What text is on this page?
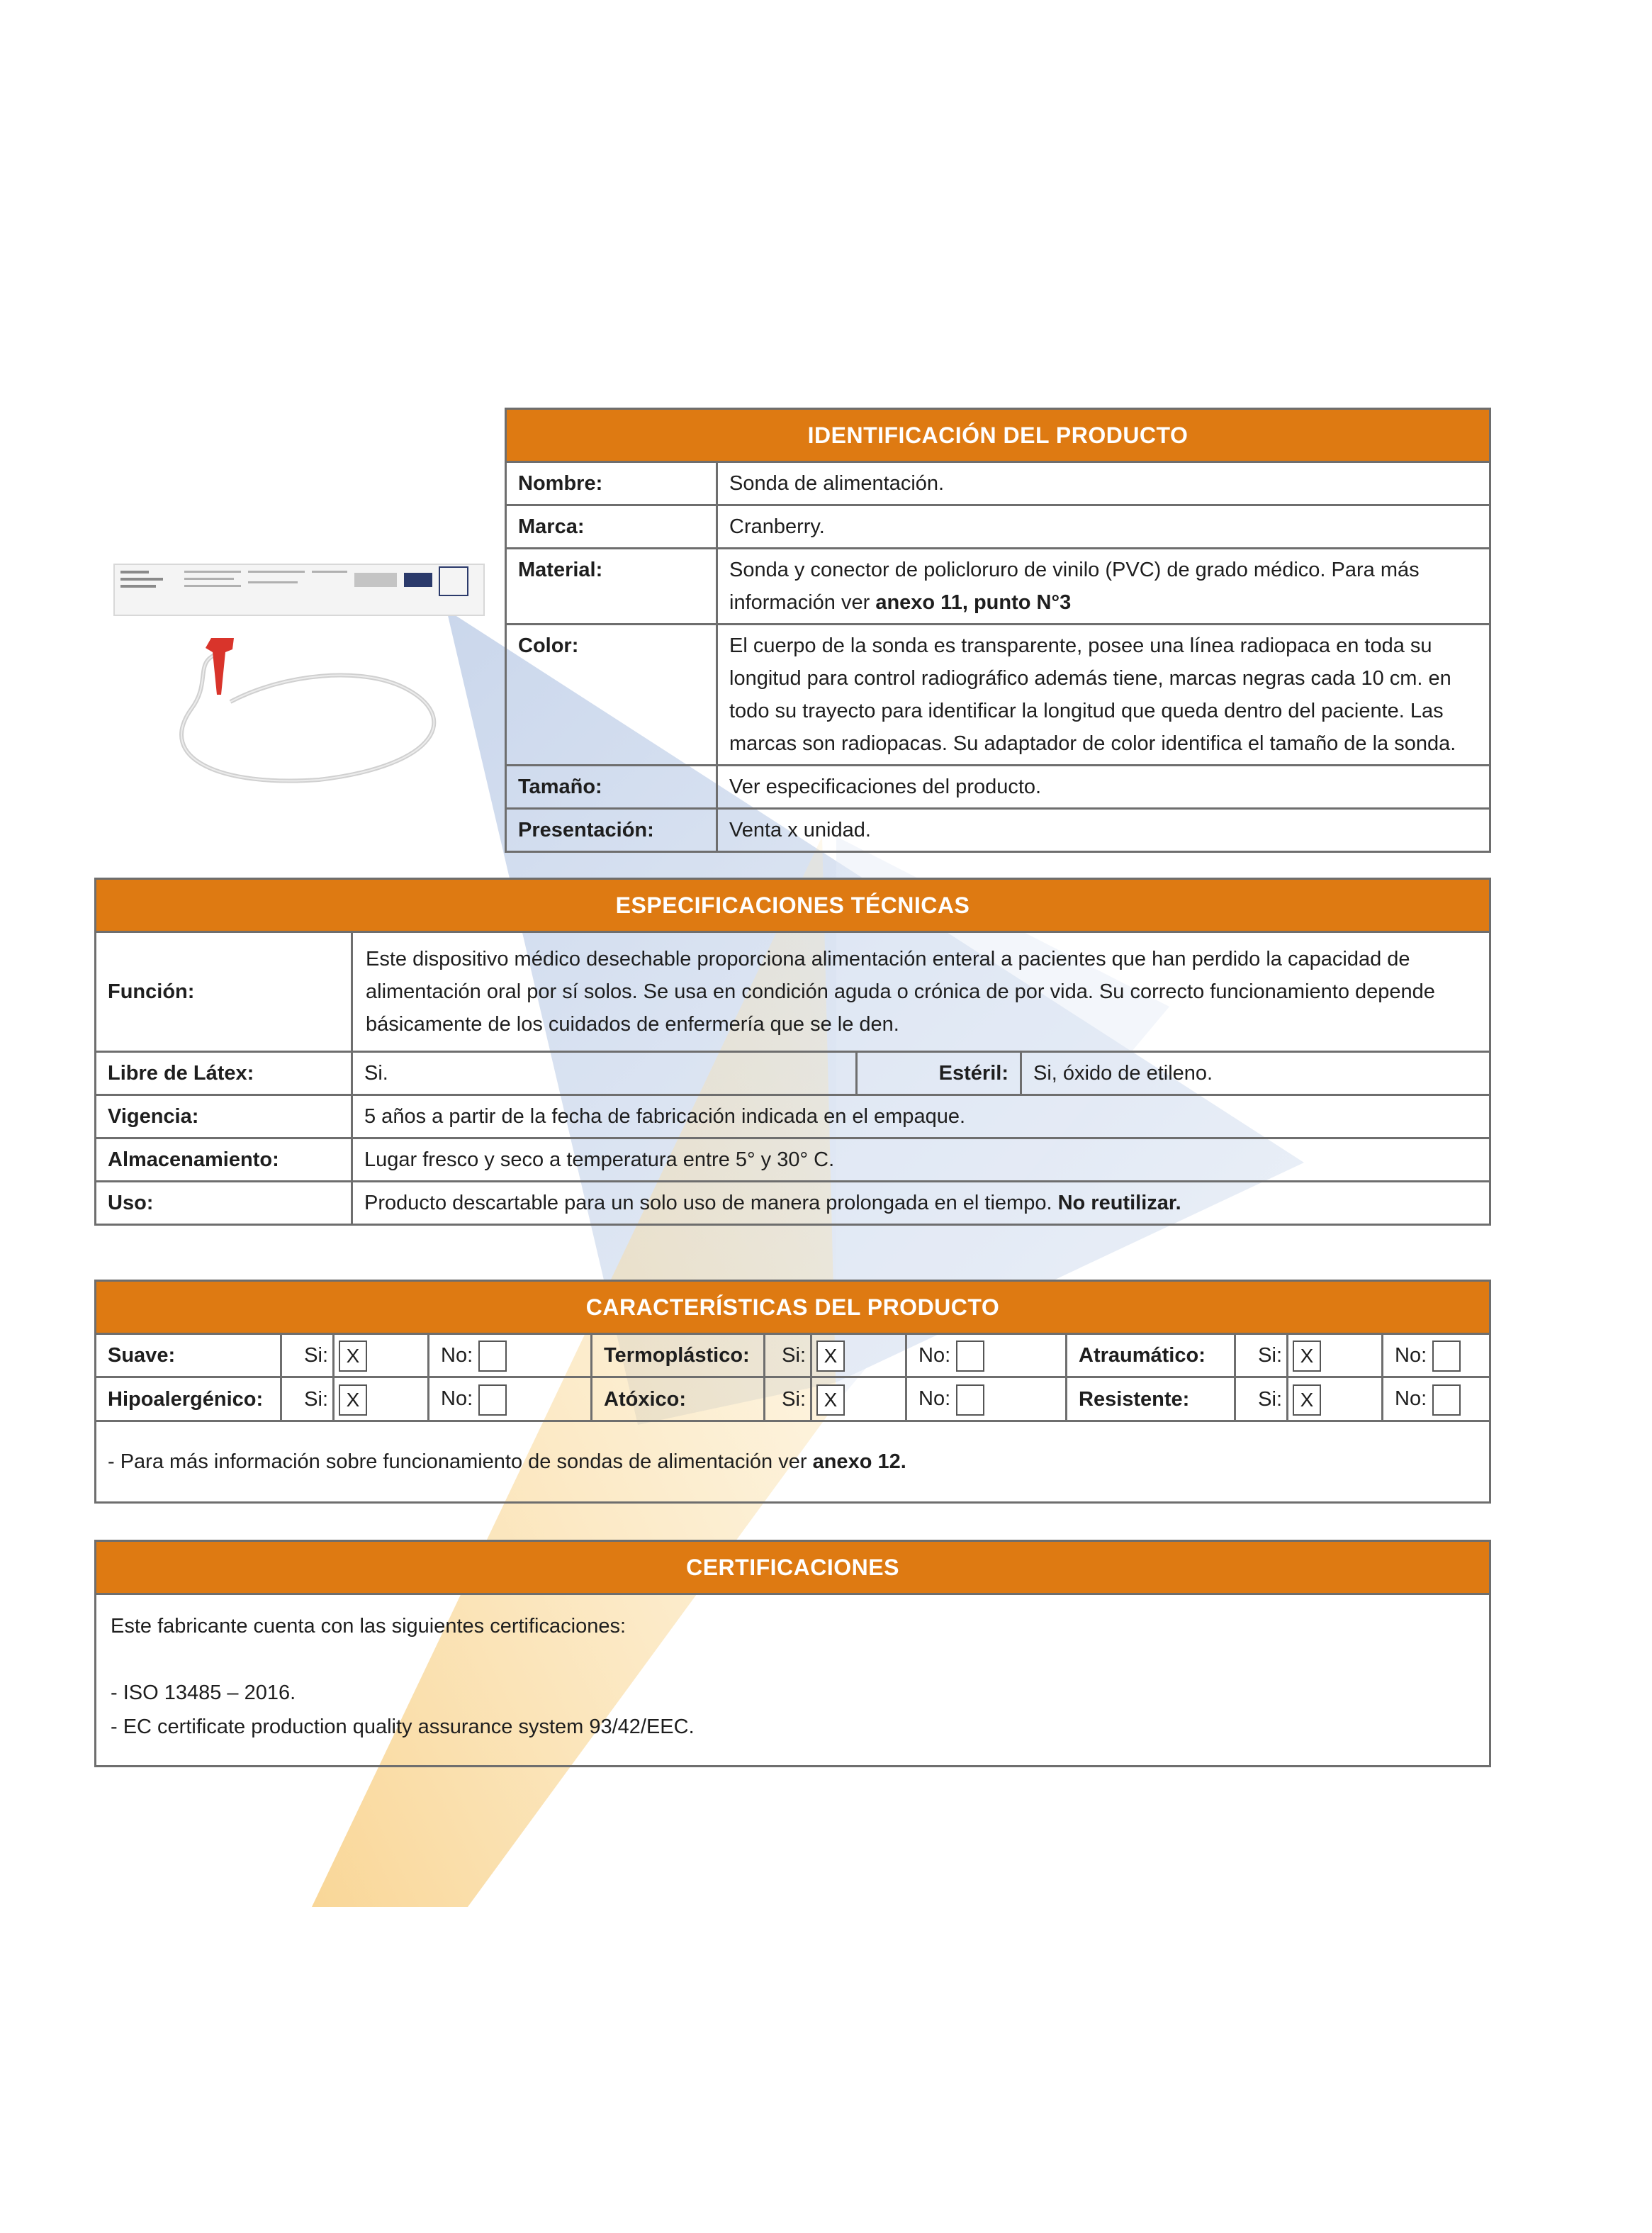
IDENTIFICACIÓN DEL PRODUCTO	
Nombre:	Sonda de alimentación.
Marca:	Cranberry.
Material:	Sonda y conector de policloruro de vinilo (PVC) de grado médico. Para más información ver anexo 11, punto N°3
Color:	El cuerpo de la sonda es transparente, posee una línea radiopaca en toda su longitud para control radiográfico además tiene, marcas negras cada 10 cm. en todo su trayecto para identificar la longitud que queda dentro del paciente. Las marcas son radiopacas. Su adaptador de color identifica el tamaño de la sonda.
Tamaño:	Ver especificaciones del producto.
Presentación:	Venta x unidad.
ESPECIFICACIONES TÉCNICAS			
Función:	Este dispositivo médico desechable proporciona alimentación enteral a pacientes que han perdido la capacidad de alimentación oral por sí solos. Se usa en condición aguda o crónica de por vida. Su correcto funcionamiento depende básicamente de los cuidados de enfermería que se le den.		
Libre de Látex:	Si.	Estéril:	Si, óxido de etileno.
Vigencia:	5 años a partir de la fecha de fabricación indicada en el empaque.		
Almacenamiento:	Lugar fresco y seco a temperatura entre 5° y 30° C.		
Uso:	Producto descartable para un solo uso de manera prolongada en el tiempo. No reutilizar.		
CARACTERÍSTICAS DEL PRODUCTO											
Suave:	Si:	X	No:	Termoplástico:	Si:	X	No:	Atraumático:	Si:	X	No:
Hipoalergénico:	Si:	X	No:	Atóxico:	Si:	X	No:	Resistente:	Si:	X	No:
- Para más información sobre funcionamiento de sondas de alimentación ver anexo 12.											
CERTIFICACIONES

Este fabricante cuenta con las siguientes certificaciones:
- ISO 13485 – 2016.
- EC certificate production quality assurance system 93/42/EEC.
